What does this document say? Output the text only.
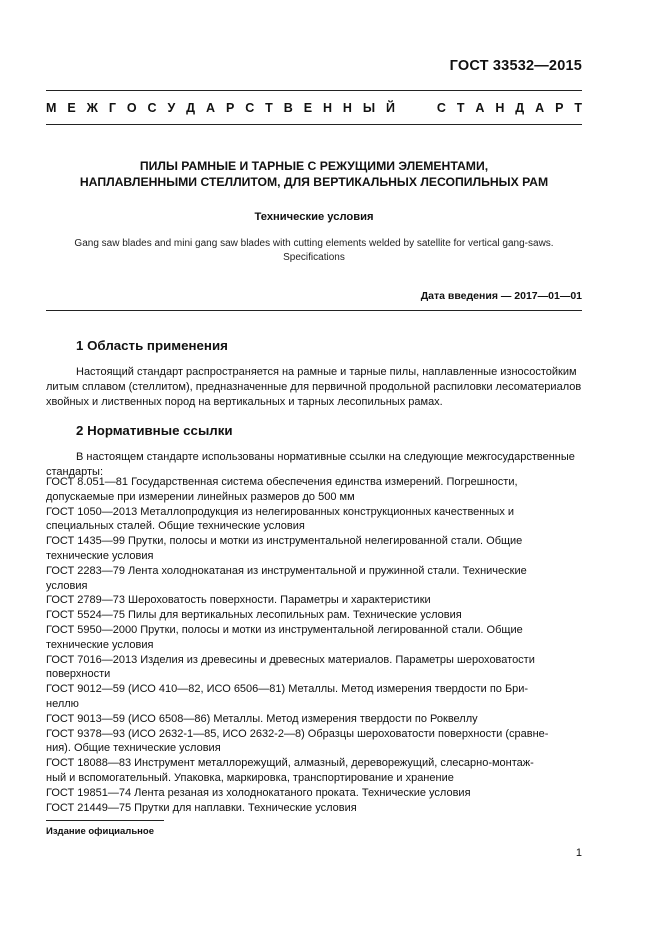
ГОСТ 33532—2015
М Е Ж Г О С У Д А Р С Т В Е Н Н Ы Й	С Т А Н Д А Р Т
ПИЛЫ РАМНЫЕ И ТАРНЫЕ С РЕЖУЩИМИ ЭЛЕМЕНТАМИ,
НАПЛАВЛЕННЫМИ СТЕЛЛИТОМ, ДЛЯ ВЕРТИКАЛЬНЫХ ЛЕСОПИЛЬНЫХ РАМ
Технические условия
Gang saw blades and mini gang saw blades with cutting elements welded by satellite for vertical gang-saws.
Specifications
Дата введения — 2017—01—01
1 Область применения
Настоящий стандарт распространяется на рамные и тарные пилы, наплавленные износостойким
литым сплавом (стеллитом), предназначенные для первичной продольной распиловки лесоматериалов
хвойных и лиственных пород на вертикальных и тарных лесопильных рамах.
2 Нормативные ссылки
В настоящем стандарте использованы нормативные ссылки на следующие межгосударственные
стандарты:
ГОСТ 8.051—81 Государственная система обеспечения единства измерений. Погрешности,
допускаемые при измерении линейных размеров до 500 мм
ГОСТ 1050—2013 Металлопродукция из нелегированных конструкционных качественных и
специальных сталей. Общие технические условия
ГОСТ 1435—99 Прутки, полосы и мотки из инструментальной нелегированной стали. Общие
технические условия
ГОСТ 2283—79 Лента холоднокатаная из инструментальной и пружинной стали. Технические
условия
ГОСТ 2789—73 Шероховатость поверхности. Параметры и характеристики
ГОСТ 5524—75 Пилы для вертикальных лесопильных рам. Технические условия
ГОСТ 5950—2000 Прутки, полосы и мотки из инструментальной легированной стали. Общие
технические условия
ГОСТ 7016—2013 Изделия из древесины и древесных материалов. Параметры шероховатости
поверхности
ГОСТ 9012—59 (ИСО 410—82, ИСО 6506—81) Металлы. Метод измерения твердости по Бри-
неллю
ГОСТ 9013—59 (ИСО 6508—86) Металлы. Метод измерения твердости по Роквеллу
ГОСТ 9378—93 (ИСО 2632-1—85, ИСО 2632-2—8) Образцы шероховатости поверхности (сравне-
ния). Общие технические условия
ГОСТ 18088—83 Инструмент металлорежущий, алмазный, дереворежущий, слесарно-монтаж-
ный и вспомогательный. Упаковка, маркировка, транспортирование и хранение
ГОСТ 19851—74 Лента резаная из холоднокатаного проката. Технические условия
ГОСТ 21449—75 Прутки для наплавки. Технические условия
Издание официальное
1
